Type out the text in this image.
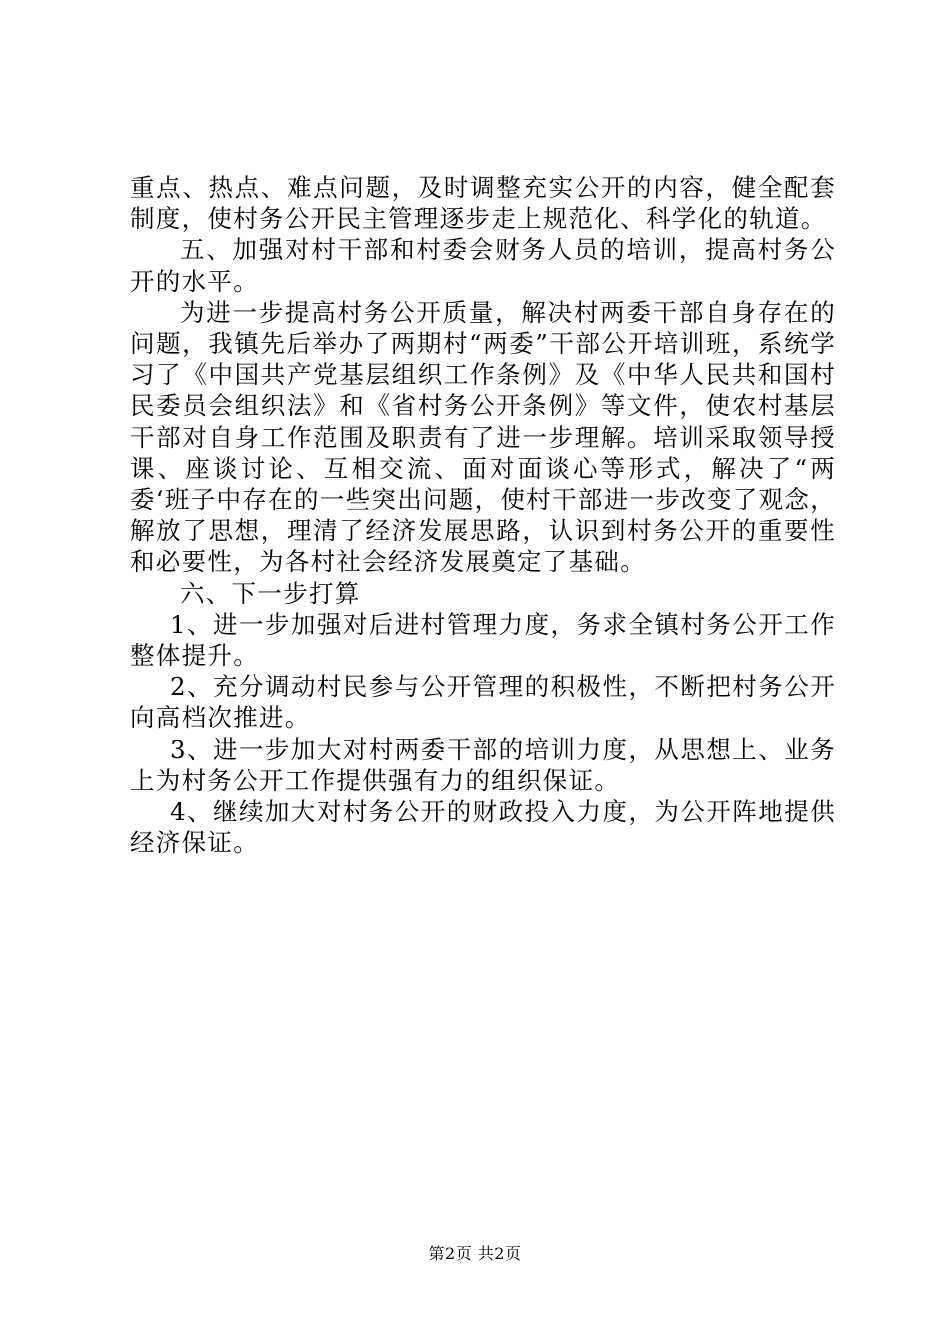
重点、热点、难点问题，及时调整充实公开的内容，健全配套制度，使村务公开民主管理逐步走上规范化、科学化的轨道。

五、加强对村干部和村委会财务人员的培训，提高村务公开的水平。

为进一步提高村务公开质量，解决村两委干部自身存在的问题，我镇先后举办了两期村“两委”干部公开培训班，系统学习了《中国共产党基层组织工作条例》及《中华人民共和国村民委员会组织法》和《省村务公开条例》等文件，使农村基层干部对自身工作范围及职责有了进一步理解。培训采取领导授课、座谈讨论、互相交流、面对面谈心等形式，解决了“两委‘班子中存在的一些突出问题，使村干部进一步改变了观念，解放了思想，理清了经济发展思路，认识到村务公开的重要性和必要性，为各村社会经济发展奠定了基础。

六、下一步打算

1、进一步加强对后进村管理力度，务求全镇村务公开工作整体提升。

2、充分调动村民参与公开管理的积极性，不断把村务公开向高档次推进。

3、进一步加大对村两委干部的培训力度，从思想上、业务上为村务公开工作提供强有力的组织保证。

4、继续加大对村务公开的财政投入力度，为公开阵地提供经济保证。

第2页 共2页
